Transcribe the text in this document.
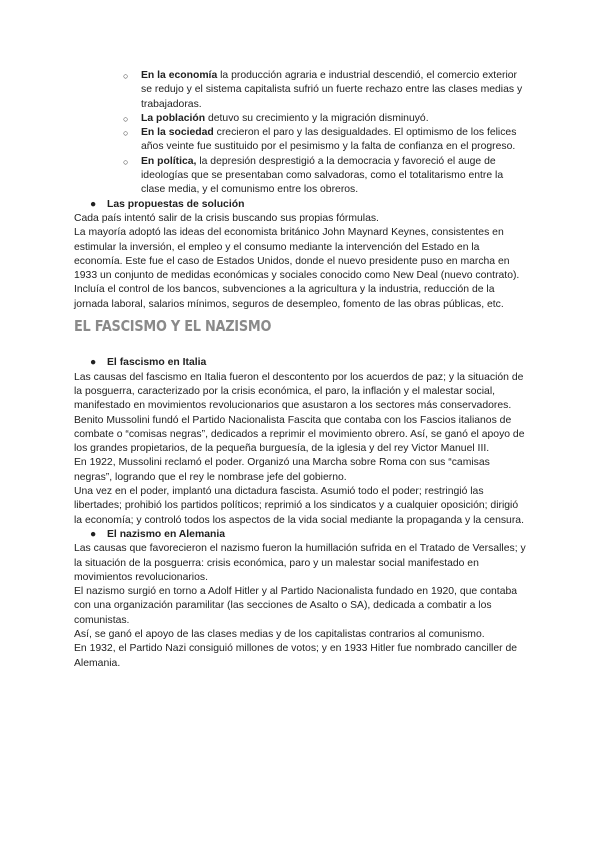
○ En la economía la producción agraria e industrial descendió, el comercio exterior se redujo y el sistema capitalista sufrió un fuerte rechazo entre las clases medias y trabajadoras.
○ La población detuvo su crecimiento y la migración disminuyó.
○ En la sociedad crecieron el paro y las desigualdades. El optimismo de los felices años veinte fue sustituido por el pesimismo y la falta de confianza en el progreso.
○ En política, la depresión desprestigió a la democracia y favoreció el auge de ideologías que se presentaban como salvadoras, como el totalitarismo entre la clase media, y el comunismo entre los obreros.
● Las propuestas de solución

Cada país intentó salir de la crisis buscando sus propias fórmulas.

La mayoría adoptó las ideas del economista británico John Maynard Keynes, consistentes en estimular la inversión, el empleo y el consumo mediante la intervención del Estado en la economía. Este fue el caso de Estados Unidos, donde el nuevo presidente puso en marcha en 1933 un conjunto de medidas económicas y sociales conocido como New Deal (nuevo contrato). Incluía el control de los bancos, subvenciones a la agricultura y la industria, reducción de la jornada laboral, salarios mínimos, seguros de desempleo, fomento de las obras públicas, etc.

EL FASCISMO Y EL NAZISMO
● El fascismo en Italia

Las causas del fascismo en Italia fueron el descontento por los acuerdos de paz; y la situación de la posguerra, caracterizado por la crisis económica, el paro, la inflación y el malestar social, manifestado en movimientos revolucionarios que asustaron a los sectores más conservadores.

Benito Mussolini fundó el Partido Nacionalista Fascita que contaba con los Fascios italianos de combate o “comisas negras”, dedicados a reprimir el movimiento obrero. Así, se ganó el apoyo de los grandes propietarios, de la pequeña burguesía, de la iglesia y del rey Victor Manuel III.

En 1922, Mussolini reclamó el poder. Organizó una Marcha sobre Roma con sus “camisas negras”, logrando que el rey le nombrase jefe del gobierno.

Una vez en el poder, implantó una dictadura fascista. Asumió todo el poder; restringió las libertades; prohibió los partidos políticos; reprimió a los sindicatos y a cualquier oposición; dirigió la economía; y controló todos los aspectos de la vida social mediante la propaganda y la censura.

● El nazismo en Alemania

Las causas que favorecieron el nazismo fueron la humillación sufrida en el Tratado de Versalles; y la situación de la posguerra: crisis económica, paro y un malestar social manifestado en movimientos revolucionarios.

El nazismo surgió en torno a Adolf Hitler y al Partido Nacionalista fundado en 1920, que contaba con una organización paramilitar (las secciones de Asalto o SA), dedicada a combatir a los comunistas.

Así, se ganó el apoyo de las clases medias y de los capitalistas contrarios al comunismo.

En 1932, el Partido Nazi consiguió millones de votos; y en 1933 Hitler fue nombrado canciller de Alemania.
